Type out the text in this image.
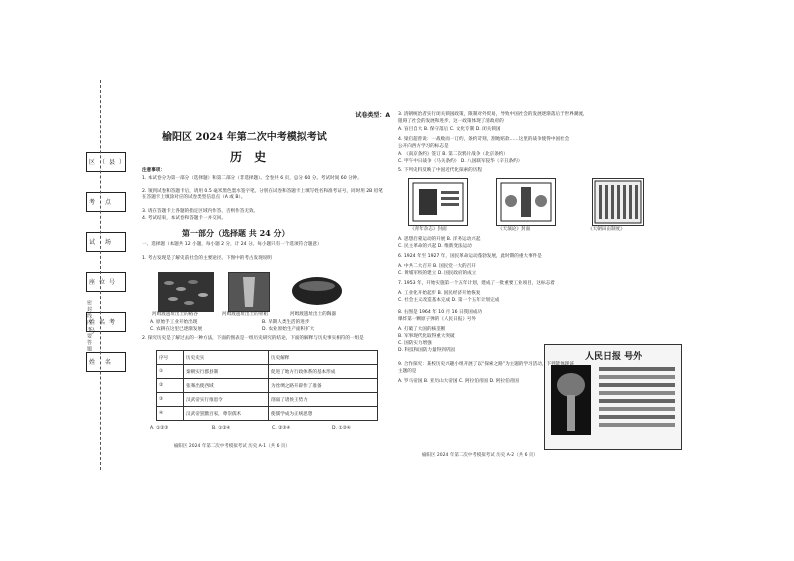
区（县）
考 点
试 场
座位号
姓名考号
姓 名
密 封 线 内 不 要 答 题
试卷类型：A
榆阳区 2024 年第二次中考模拟考试
历 史
注意事项：
1. 本试卷分为第一部分（选择题）和第二部分（非选择题）。全卷共 6 页，总分 60 分。考试时间 60 分钟。
2. 领到试卷和答题卡后，请用 0.5 毫米黑色墨水签字笔，分别在试卷和答题卡上填写姓名和准考证号，同时用 2B 铅笔在答题卡上填涂对应的试卷类型信息点（A 或 B）。
3. 请在答题卡上各题的指定区域内作答，否则作答无效。
4. 考试结束，本试卷和答题卡一并交回。
第一部分（选择题 共 24 分）
一、选择题（本题共 12 小题，每小题 2 分，计 24 分。每小题只有一个选项符合题意）
1. 考古发现是了解史前社会的主要途径。下图中的考古发现说明
河姆渡遗址出土的稻谷	河姆渡遗址出土的骨耜	河姆渡遗址出土的陶器
A. 原始手工业开始出现	B. 早期人类生活的进步
C. 农耕在这里已逐渐发展	D. 农业原始生产面积扩大
2. 探究历史是了解过去的一种方法，下面的图表是一组历史研究的结论，下面的解释与历史事实相符的一组是
序号	历史史实	历史解释
①	秦朝实行郡县制	促进了地方行政体系的基本形成
②	张骞出使西域	为丝绸之路开辟作了准备
③	汉武帝实行推恩令	削弱了诸侯王势力
④	汉武帝罢黜百家，尊崇儒术	使儒学成为正统思想
A. ①②③	B. ①②④	C. ②③④	D. ①③④
榆阳区 2024 年第二次中考模拟考试 历史 A-1（共 6 页）
3. 清朝统治者实行闭关锁国政策，限制对外贸易，导致中国社会的发展逐渐落后于世界潮流，
阻碍了社会的发展和进步，这一政策体现了清政府的
A. 盲目自大 B. 保守落后 C. 文化专制 D. 闭关锁国
4. 梁启超曾说：一战败而一订约，条约苛刻，割地赔款……这里的战争使得中国社会
公开向西方学习的标志是
A. 《南京条约》签订 B. 第二次鸦片战争（北京条约）
C. 甲午中日战争（马关条约） D. 八国联军侵华（辛丑条约）
5. 下列史料反映了中国近代化探索的历程
《青年杂志》封面	《天演论》封面	《天朝田亩制度》
A. 思想启蒙运动的开展 B. 洋务运动兴起
C. 民主革命的兴起 D. 维新变法运动
6. 1924 年至 1927 年，国民革命运动蓬勃发展，此时期的重大事件是
A. 中共二大召开 B. 国民党一大的召开
C. 黄埔军校的建立 D. 国民政府的成立
7. 1953 年，开始实施第一个五年计划，建成了一批重要工业项目，这标志着
A. 工业化开始起步 B. 国民经济开始恢复
C. 社会主义改造基本完成 D. 第一个五年计划完成
8. 右图是 1964 年 10 月 16 日我国成功
爆炸第一颗原子弹的《人民日报》号外
A. 打破了大国的核垄断
B. 军事现代化取得重大突破
C. 国防实力增强
D. 科技和国防力量得到巩固
人民日报 号外
9. 合作探究：某校历史兴趣小组开展了以“探索之路”为主题的学习活动，下列能体现该
主题的是
A. 罗马帝国 B. 亚历山大帝国 C. 阿拉伯帝国 D. 阿拉伯帝国
榆阳区 2024 年第二次中考模拟考试 历史 A-2（共 6 页）
